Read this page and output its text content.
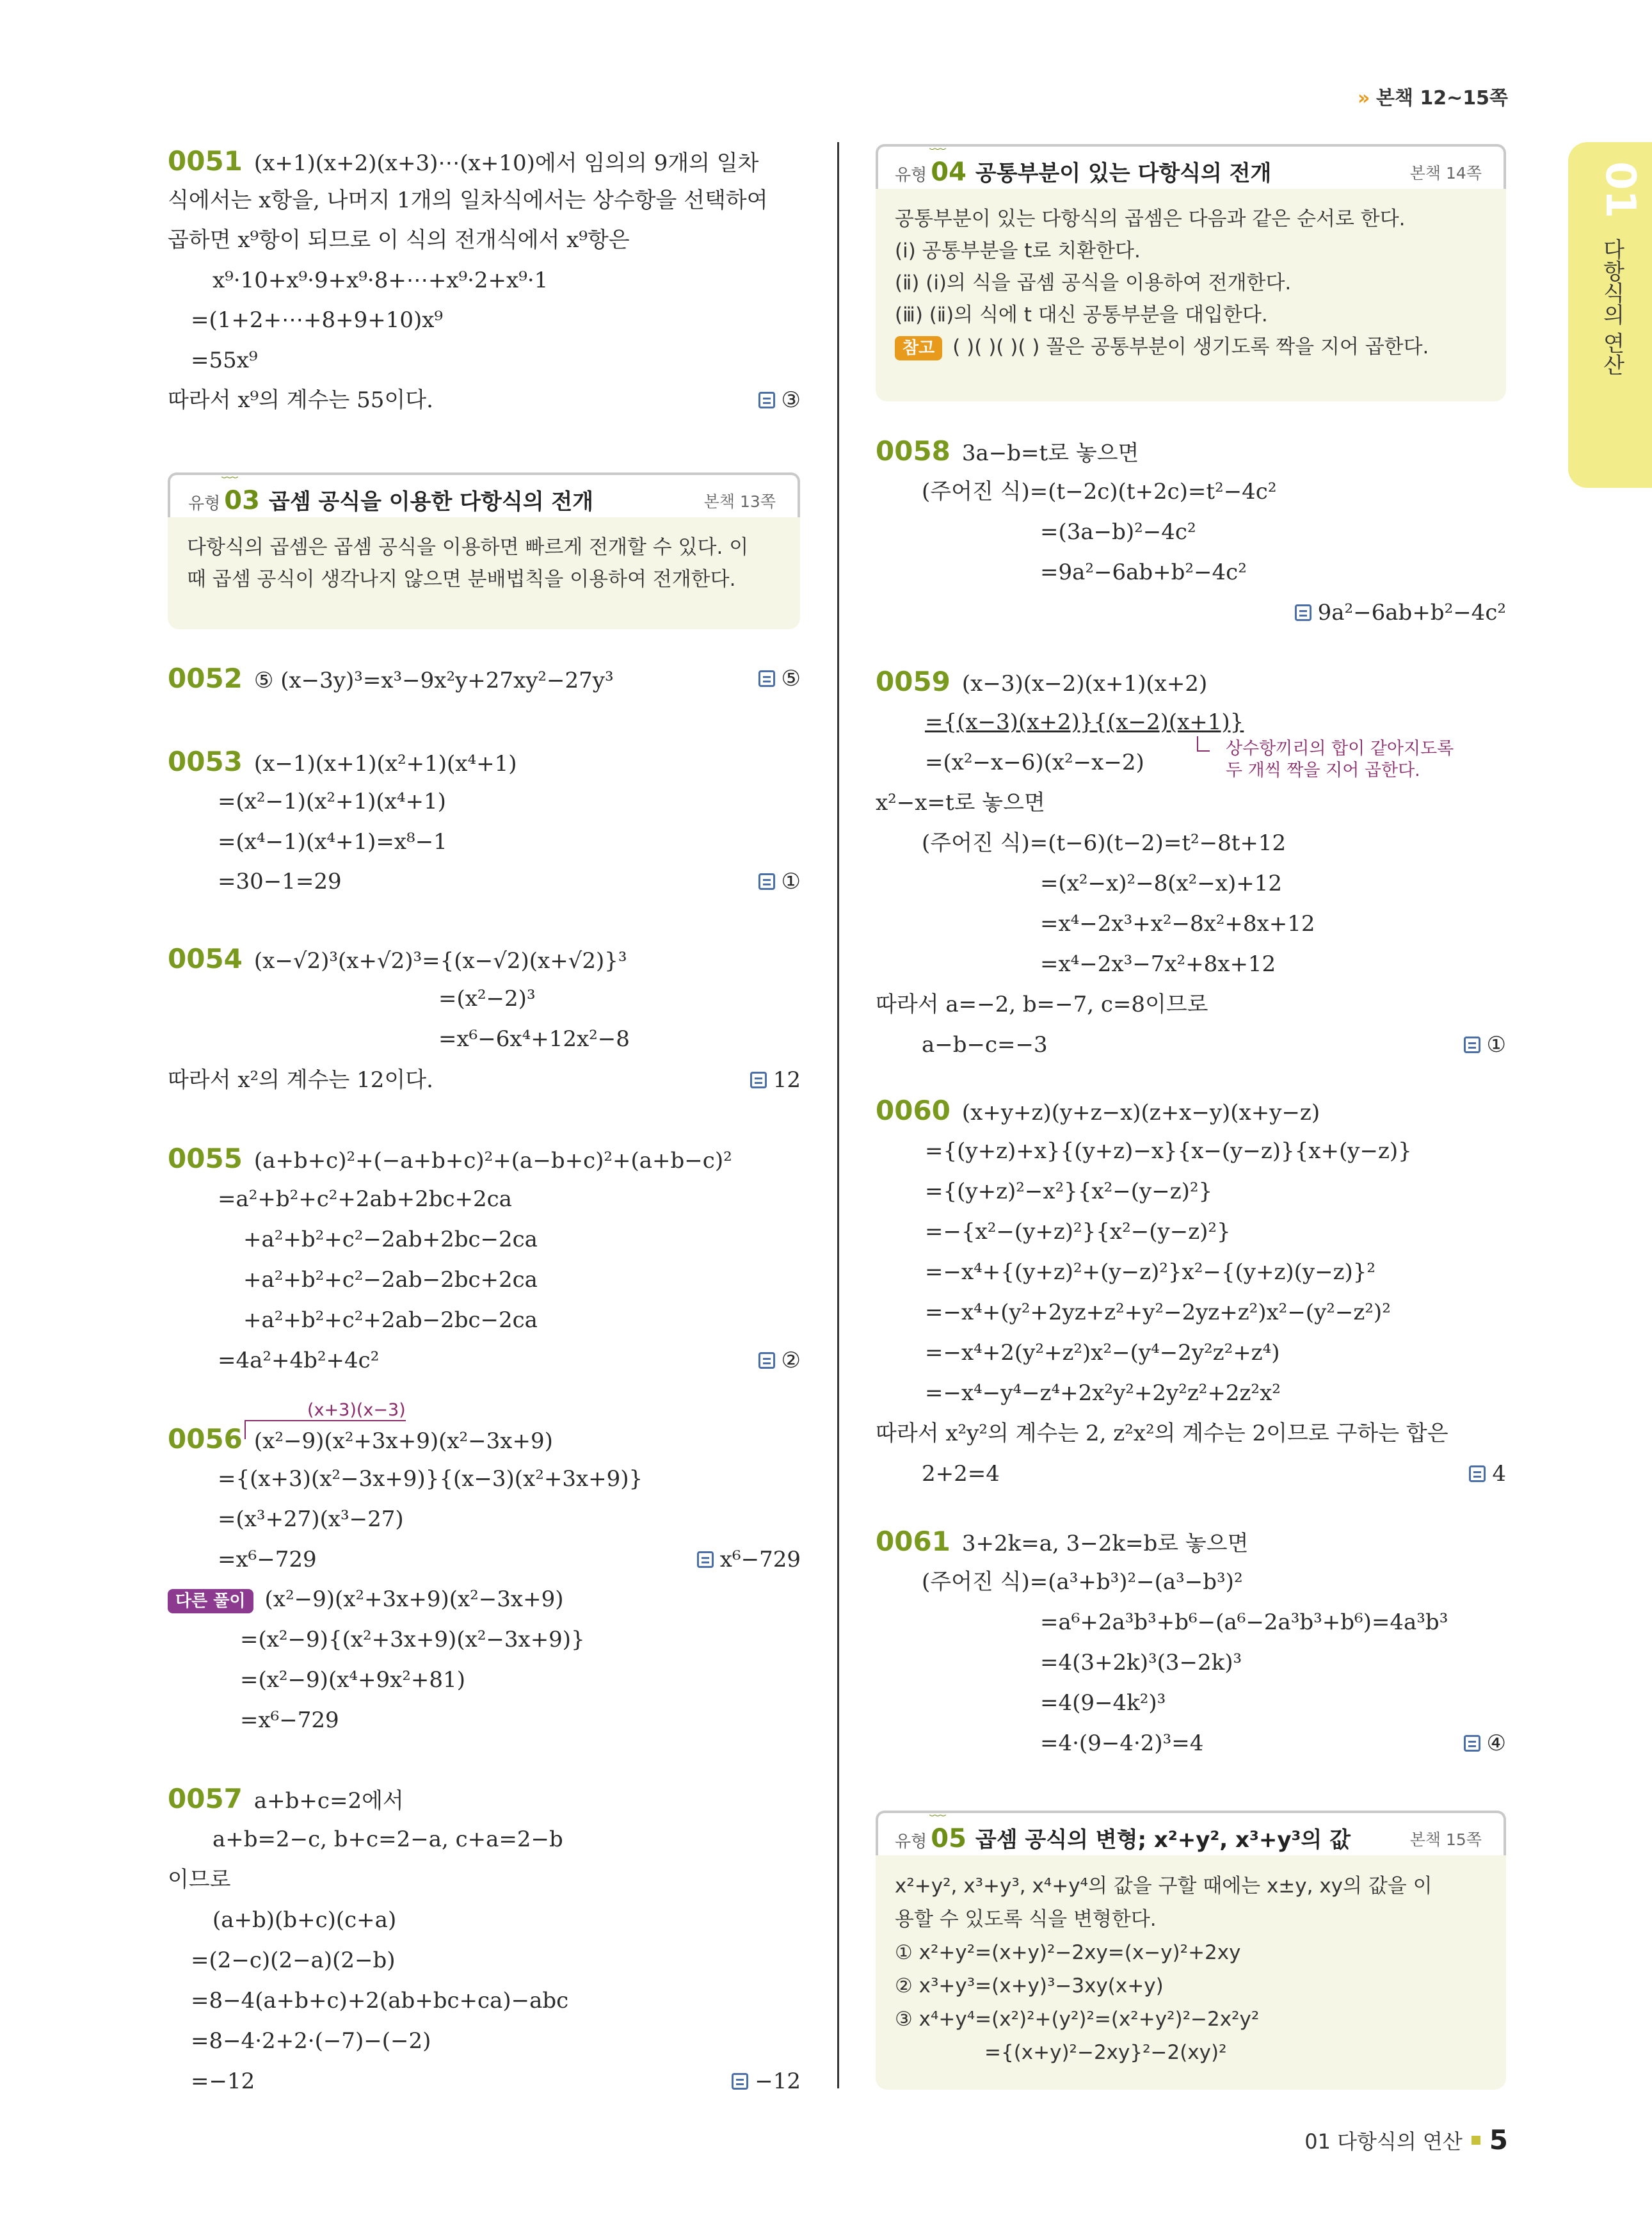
» 본책 12~15쪽
01
다항식의 연산
0051 (x+1)(x+2)(x+3)⋯(x+10)에서 임의의 9개의 일차
식에서는 x항을, 나머지 1개의 일차식에서는 상수항을 선택하여
곱하면 x⁹항이 되므로 이 식의 전개식에서 x⁹항은
x⁹·10+x⁹·9+x⁹·8+⋯+x⁹·2+x⁹·1
=(1+2+⋯+8+9+10)x⁹
=55x⁹
따라서 x⁹의 계수는 55이다.	③
﹏
유형 03 곱셈 공식을 이용한 다항식의 전개	본책 13쪽
다항식의 곱셈은 곱셈 공식을 이용하면 빠르게 전개할 수 있다. 이
때 곱셈 공식이 생각나지 않으면 분배법칙을 이용하여 전개한다.
0052 ⑤ (x−3y)³=x³−9x²y+27xy²−27y³	⑤
0053 (x−1)(x+1)(x²+1)(x⁴+1)
=(x²−1)(x²+1)(x⁴+1)
=(x⁴−1)(x⁴+1)=x⁸−1
=30−1=29	①
0054 (x−√2)³(x+√2)³={(x−√2)(x+√2)}³
=(x²−2)³
=x⁶−6x⁴+12x²−8
따라서 x²의 계수는 12이다.	12
0055 (a+b+c)²+(−a+b+c)²+(a−b+c)²+(a+b−c)²
=a²+b²+c²+2ab+2bc+2ca
+a²+b²+c²−2ab+2bc−2ca
+a²+b²+c²−2ab−2bc+2ca
+a²+b²+c²+2ab−2bc−2ca
=4a²+4b²+4c²	②
(x+3)(x−3)
0056 (x²−9)(x²+3x+9)(x²−3x+9)
={(x+3)(x²−3x+9)}{(x−3)(x²+3x+9)}
=(x³+27)(x³−27)
=x⁶−729	x⁶−729
다른 풀이 (x²−9)(x²+3x+9)(x²−3x+9)
=(x²−9){(x²+3x+9)(x²−3x+9)}
=(x²−9)(x⁴+9x²+81)
=x⁶−729
0057 a+b+c=2에서
a+b=2−c, b+c=2−a, c+a=2−b
이므로
(a+b)(b+c)(c+a)
=(2−c)(2−a)(2−b)
=8−4(a+b+c)+2(ab+bc+ca)−abc
=8−4·2+2·(−7)−(−2)
=−12	−12
﹏
유형 04 공통부분이 있는 다항식의 전개	본책 14쪽
공통부분이 있는 다항식의 곱셈은 다음과 같은 순서로 한다.
(ⅰ) 공통부분을 t로 치환한다.
(ⅱ) (ⅰ)의 식을 곱셈 공식을 이용하여 전개한다.
(ⅲ) (ⅱ)의 식에 t 대신 공통부분을 대입한다.
참고 ( )( )( )( ) 꼴은 공통부분이 생기도록 짝을 지어 곱한다.
0058 3a−b=t로 놓으면
(주어진 식)=(t−2c)(t+2c)=t²−4c²
=(3a−b)²−4c²
=9a²−6ab+b²−4c²
9a²−6ab+b²−4c²
0059 (x−3)(x−2)(x+1)(x+2)
={(x−3)(x+2)}{(x−2)(x+1)}
=(x²−x−6)(x²−x−2)
상수항끼리의 합이 같아지도록
두 개씩 짝을 지어 곱한다.
x²−x=t로 놓으면
(주어진 식)=(t−6)(t−2)=t²−8t+12
=(x²−x)²−8(x²−x)+12
=x⁴−2x³+x²−8x²+8x+12
=x⁴−2x³−7x²+8x+12
따라서 a=−2, b=−7, c=8이므로
a−b−c=−3	①
0060 (x+y+z)(y+z−x)(z+x−y)(x+y−z)
={(y+z)+x}{(y+z)−x}{x−(y−z)}{x+(y−z)}
={(y+z)²−x²}{x²−(y−z)²}
=−{x²−(y+z)²}{x²−(y−z)²}
=−x⁴+{(y+z)²+(y−z)²}x²−{(y+z)(y−z)}²
=−x⁴+(y²+2yz+z²+y²−2yz+z²)x²−(y²−z²)²
=−x⁴+2(y²+z²)x²−(y⁴−2y²z²+z⁴)
=−x⁴−y⁴−z⁴+2x²y²+2y²z²+2z²x²
따라서 x²y²의 계수는 2, z²x²의 계수는 2이므로 구하는 합은
2+2=4	4
0061 3+2k=a, 3−2k=b로 놓으면
(주어진 식)=(a³+b³)²−(a³−b³)²
=a⁶+2a³b³+b⁶−(a⁶−2a³b³+b⁶)=4a³b³
=4(3+2k)³(3−2k)³
=4(9−4k²)³
=4·(9−4·2)³=4	④
﹏
유형 05 곱셈 공식의 변형; x²+y², x³+y³의 값	본책 15쪽
x²+y², x³+y³, x⁴+y⁴의 값을 구할 때에는 x±y, xy의 값을 이
용할 수 있도록 식을 변형한다.
① x²+y²=(x+y)²−2xy=(x−y)²+2xy
② x³+y³=(x+y)³−3xy(x+y)
③ x⁴+y⁴=(x²)²+(y²)²=(x²+y²)²−2x²y²
={(x+y)²−2xy}²−2(xy)²
01 다항식의 연산 5
